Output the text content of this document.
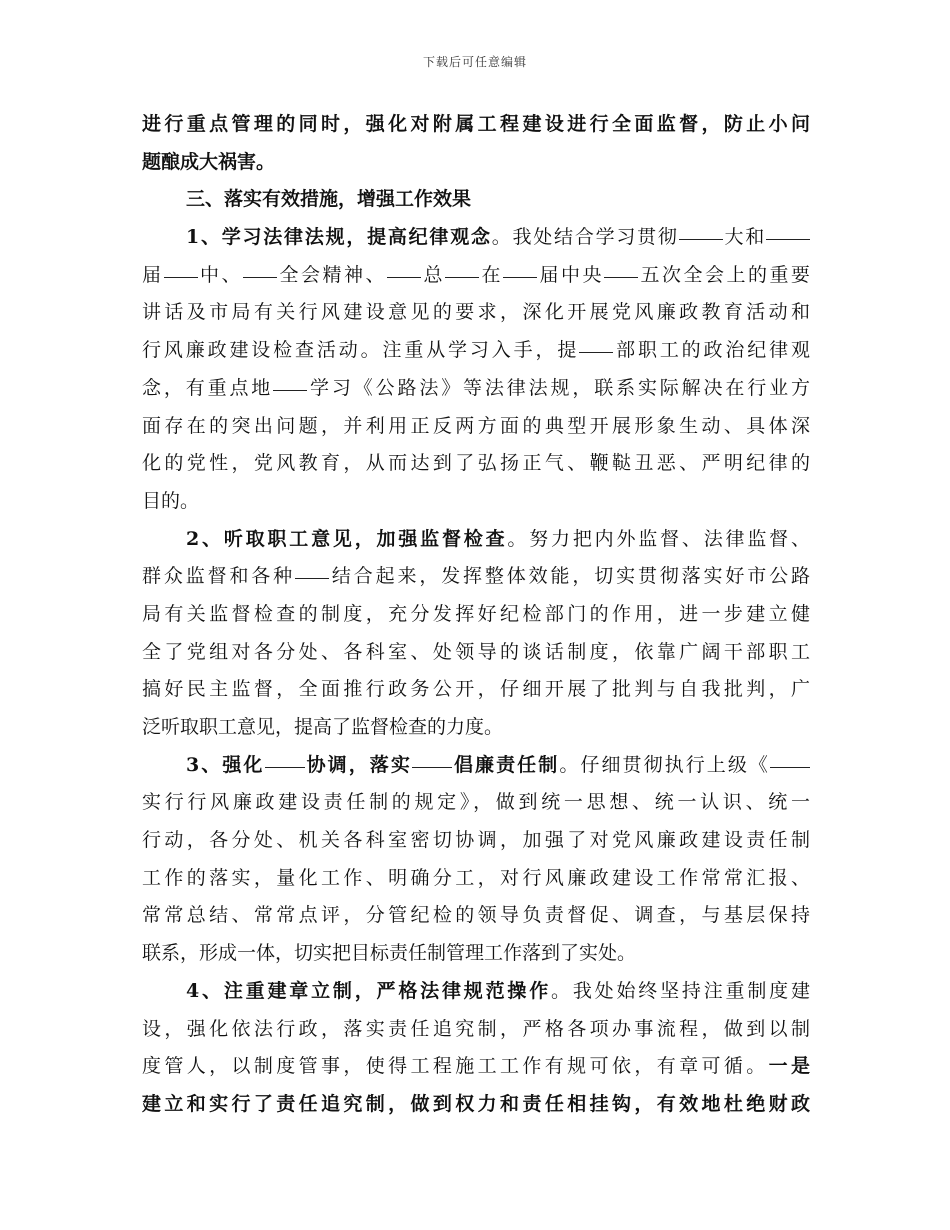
下载后可任意编辑
进行重点管理的同时，强化对附属工程建设进行全面监督，防止小问
题酿成大祸害。
三、落实有效措施，增强工作效果
1、学习法律法规，提高纪律观念。我处结合学习贯彻 大和
届 中、 全会精神、 总 在 届中央 五次全会上的重要
讲话及市局有关行风建设意见的要求，深化开展党风廉政教育活动和
行风廉政建设检查活动。注重从学习入手，提 部职工的政治纪律观
念，有重点地 学习《公路法》等法律法规，联系实际解决在行业方
面存在的突出问题，并利用正反两方面的典型开展形象生动、具体深
化的党性，党风教育，从而达到了弘扬正气、鞭鞑丑恶、严明纪律的
目的。
2、听取职工意见，加强监督检查。努力把内外监督、法律监督、
群众监督和各种 结合起来，发挥整体效能，切实贯彻落实好市公路
局有关监督检查的制度，充分发挥好纪检部门的作用，进一步建立健
全了党组对各分处、各科室、处领导的谈话制度，依靠广阔干部职工
搞好民主监督，全面推行政务公开，仔细开展了批判与自我批判，广
泛听取职工意见，提高了监督检查的力度。
3、强化 协调，落实 倡廉责任制。仔细贯彻执行上级《
实行行风廉政建设责任制的规定》，做到统一思想、统一认识、统一
行动，各分处、机关各科室密切协调，加强了对党风廉政建设责任制
工作的落实，量化工作、明确分工，对行风廉政建设工作常常汇报、
常常总结、常常点评，分管纪检的领导负责督促、调查，与基层保持
联系，形成一体，切实把目标责任制管理工作落到了实处。
4、注重建章立制，严格法律规范操作。我处始终坚持注重制度建
设，强化依法行政，落实责任追究制，严格各项办事流程，做到以制
度管人，以制度管事，使得工程施工工作有规可依，有章可循。一是
建立和实行了责任追究制，做到权力和责任相挂钩，有效地杜绝财政
